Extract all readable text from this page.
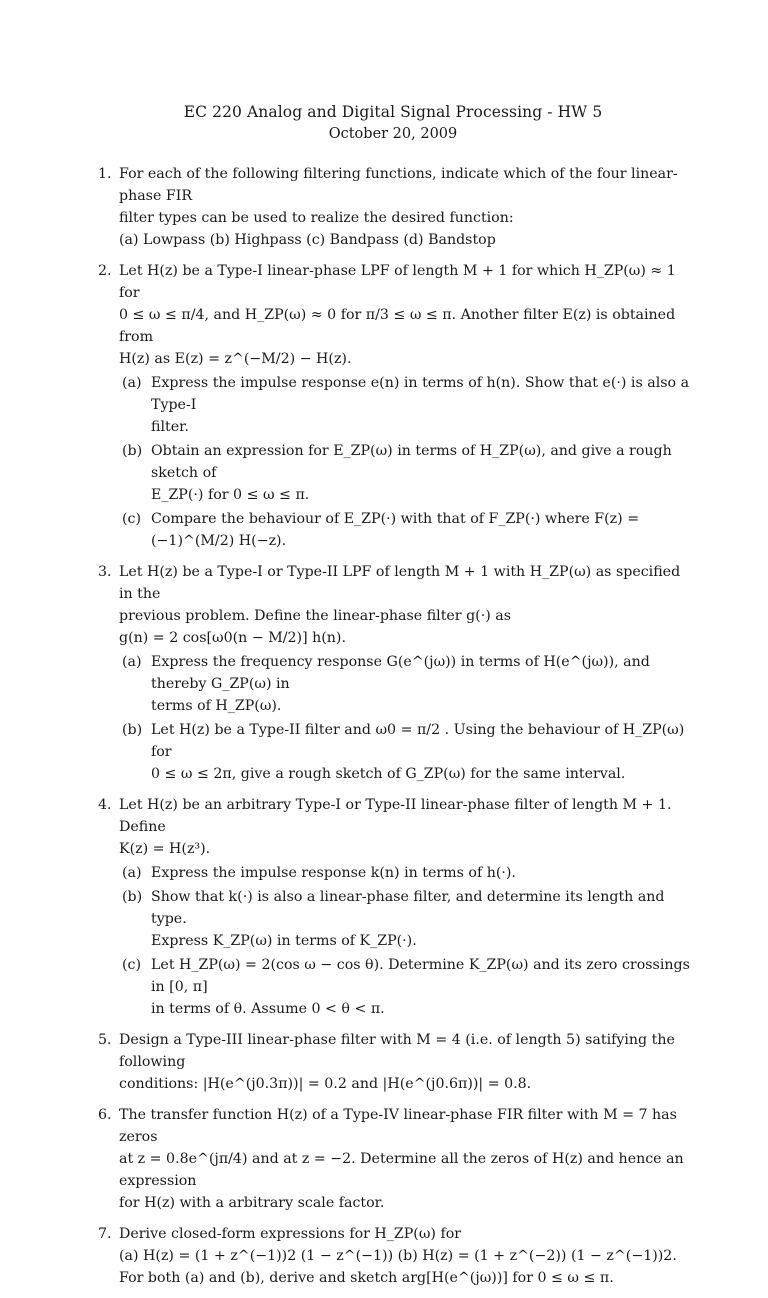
EC 220 Analog and Digital Signal Processing - HW 5
October 20, 2009
1. For each of the following filtering functions, indicate which of the four linear-phase FIR
filter types can be used to realize the desired function:
(a) Lowpass (b) Highpass (c) Bandpass (d) Bandstop
2. Let H(z) be a Type-I linear-phase LPF of length M + 1 for which H_ZP(ω) ≈ 1 for
0 ≤ ω ≤ π/4, and H_ZP(ω) ≈ 0 for π/3 ≤ ω ≤ π. Another filter E(z) is obtained from
H(z) as E(z) = z^(−M/2) − H(z).
(a) Express the impulse response e(n) in terms of h(n). Show that e(·) is also a Type-I
filter.
(b) Obtain an expression for E_ZP(ω) in terms of H_ZP(ω), and give a rough sketch of
E_ZP(·) for 0 ≤ ω ≤ π.
(c) Compare the behaviour of E_ZP(·) with that of F_ZP(·) where F(z) = (−1)^(M/2) H(−z).
3. Let H(z) be a Type-I or Type-II LPF of length M + 1 with H_ZP(ω) as specified in the
previous problem. Define the linear-phase filter g(·) as
g(n) = 2 cos[ω0(n − M/2)] h(n).
(a) Express the frequency response G(e^(jω)) in terms of H(e^(jω)), and thereby G_ZP(ω) in
terms of H_ZP(ω).
(b) Let H(z) be a Type-II filter and ω0 = π/2 . Using the behaviour of H_ZP(ω) for
0 ≤ ω ≤ 2π, give a rough sketch of G_ZP(ω) for the same interval.
4. Let H(z) be an arbitrary Type-I or Type-II linear-phase filter of length M + 1. Define
K(z) = H(z³).
(a) Express the impulse response k(n) in terms of h(·).
(b) Show that k(·) is also a linear-phase filter, and determine its length and type.
Express K_ZP(ω) in terms of K_ZP(·).
(c) Let H_ZP(ω) = 2(cos ω − cos θ). Determine K_ZP(ω) and its zero crossings in [0, π]
in terms of θ. Assume 0 < θ < π.
5. Design a Type-III linear-phase filter with M = 4 (i.e. of length 5) satifying the following
conditions: |H(e^(j0.3π))| = 0.2 and |H(e^(j0.6π))| = 0.8.
6. The transfer function H(z) of a Type-IV linear-phase FIR filter with M = 7 has zeros
at z = 0.8e^(jπ/4) and at z = −2. Determine all the zeros of H(z) and hence an expression
for H(z) with a arbitrary scale factor.
7. Derive closed-form expressions for H_ZP(ω) for
(a) H(z) = (1 + z^(−1))2 (1 − z^(−1)) (b) H(z) = (1 + z^(−2)) (1 − z^(−1))2.
For both (a) and (b), derive and sketch arg[H(e^(jω))] for 0 ≤ ω ≤ π.
